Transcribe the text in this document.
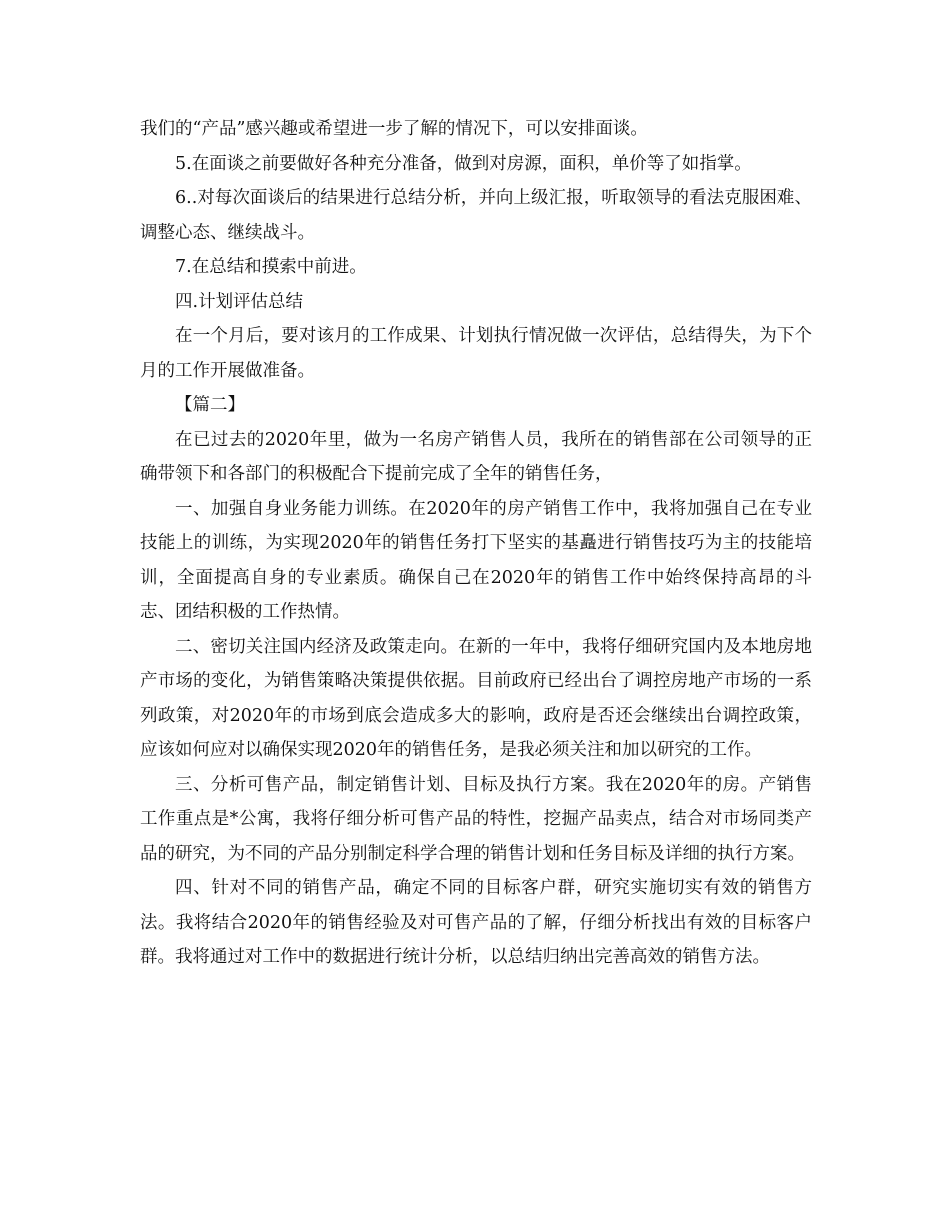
我们的“产品”感兴趣或希望进一步了解的情况下，可以安排面谈。

5.在面谈之前要做好各种充分准备，做到对房源，面积，单价等了如指掌。

6..对每次面谈后的结果进行总结分析，并向上级汇报，听取领导的看法克服困难、调整心态、继续战斗。

7.在总结和摸索中前进。

四.计划评估总结

在一个月后，要对该月的工作成果、计划执行情况做一次评估，总结得失，为下个月的工作开展做准备。

【篇二】

在已过去的2020年里，做为一名房产销售人员，我所在的销售部在公司领导的正确带领下和各部门的积极配合下提前完成了全年的销售任务，

一、加强自身业务能力训练。在2020年的房产销售工作中，我将加强自己在专业技能上的训练，为实现2020年的销售任务打下坚实的基矗进行销售技巧为主的技能培训，全面提高自身的专业素质。确保自己在2020年的销售工作中始终保持高昂的斗志、团结积极的工作热情。

二、密切关注国内经济及政策走向。在新的一年中，我将仔细研究国内及本地房地产市场的变化，为销售策略决策提供依据。目前政府已经出台了调控房地产市场的一系列政策，对2020年的市场到底会造成多大的影响，政府是否还会继续出台调控政策，应该如何应对以确保实现2020年的销售任务，是我必须关注和加以研究的工作。

三、分析可售产品，制定销售计划、目标及执行方案。我在2020年的房。产销售工作重点是*公寓，我将仔细分析可售产品的特性，挖掘产品卖点，结合对市场同类产品的研究，为不同的产品分别制定科学合理的销售计划和任务目标及详细的执行方案。

四、针对不同的销售产品，确定不同的目标客户群，研究实施切实有效的销售方法。我将结合2020年的销售经验及对可售产品的了解，仔细分析找出有效的目标客户群。我将通过对工作中的数据进行统计分析，以总结归纳出完善高效的销售方法。
